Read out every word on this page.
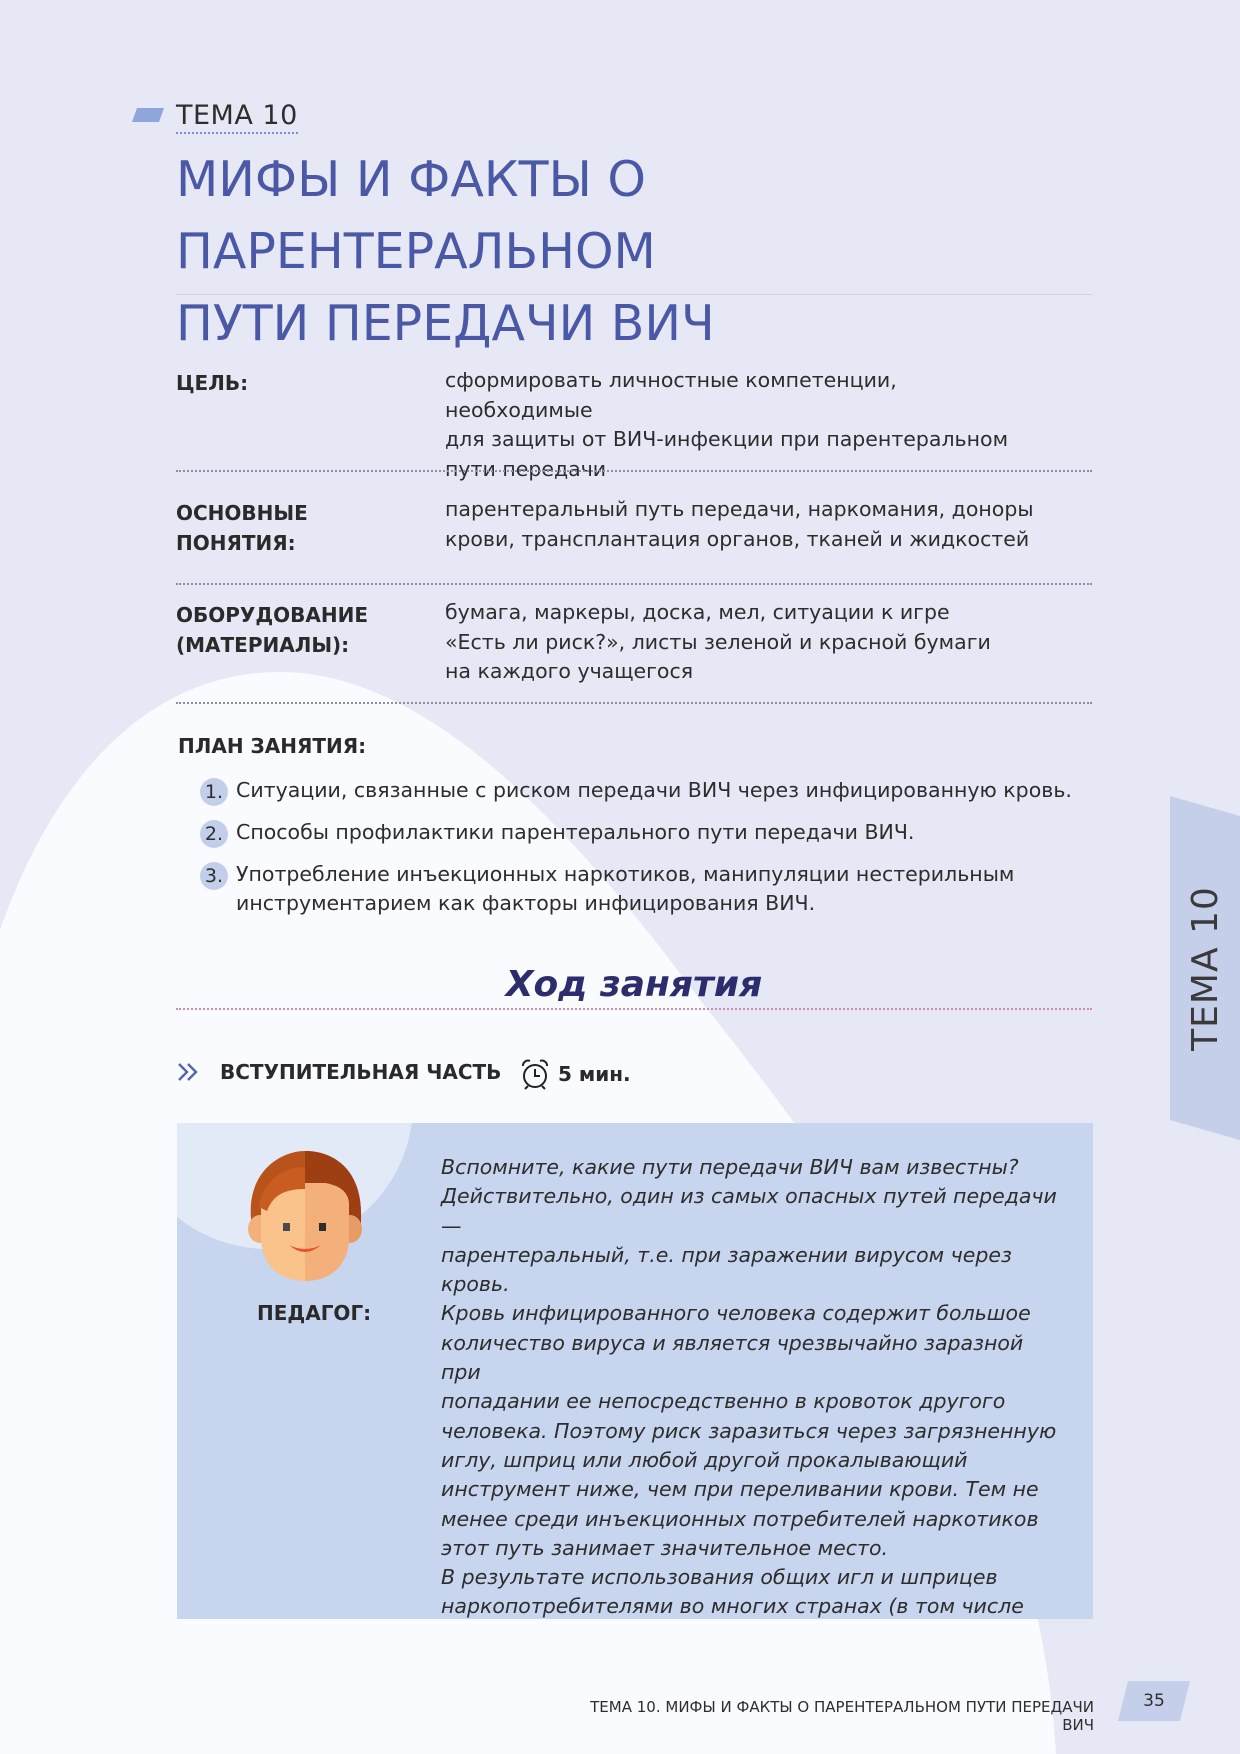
ТЕМА 10
МИФЫ И ФАКТЫ О ПАРЕНТЕРАЛЬНОМ
ПУТИ ПЕРЕДАЧИ ВИЧ
ЦЕЛЬ:	сформировать личностные компетенции, необходимые
для защиты от ВИЧ-инфекции при парентеральном
пути передачи
ОСНОВНЫЕ
ПОНЯТИЯ:
парентеральный путь передачи, наркомания, доноры
крови, трансплантация органов, тканей и жидкостей
ОБОРУДОВАНИЕ
(МАТЕРИАЛЫ):
бумага, маркеры, доска, мел, ситуации к игре
«Есть ли риск?», листы зеленой и красной бумаги
на каждого учащегося
ПЛАН ЗАНЯТИЯ:
1. Ситуации, связанные с риском передачи ВИЧ через инфицированную кровь.
2. Способы профилактики парентерального пути передачи ВИЧ.
3. Употребление инъекционных наркотиков, манипуляции нестерильным
инструментарием как факторы инфицирования ВИЧ.
Ход занятия
ВСТУПИТЕЛЬНАЯ ЧАСТЬ	5 мин.
ПЕДАГОГ:
Вспомните, какие пути передачи ВИЧ вам известны?
Действительно, один из самых опасных путей передачи —
парентеральный, т.е. при заражении вирусом через кровь.
Кровь инфицированного человека содержит большое
количество вируса и является чрезвычайно заразной при
попадании ее непосредственно в кровоток другого
человека. Поэтому риск заразиться через загрязненную
иглу, шприц или любой другой прокалывающий
инструмент ниже, чем при переливании крови. Тем не
менее среди инъекционных потребителей наркотиков
этот путь занимает значительное место.
В результате использования общих игл и шприцев
наркопотребителями во многих странах (в том числе

ТЕМА 10
ТЕМА 10. МИФЫ И ФАКТЫ О ПАРЕНТЕРАЛЬНОМ ПУТИ ПЕРЕДАЧИ ВИЧ
35
